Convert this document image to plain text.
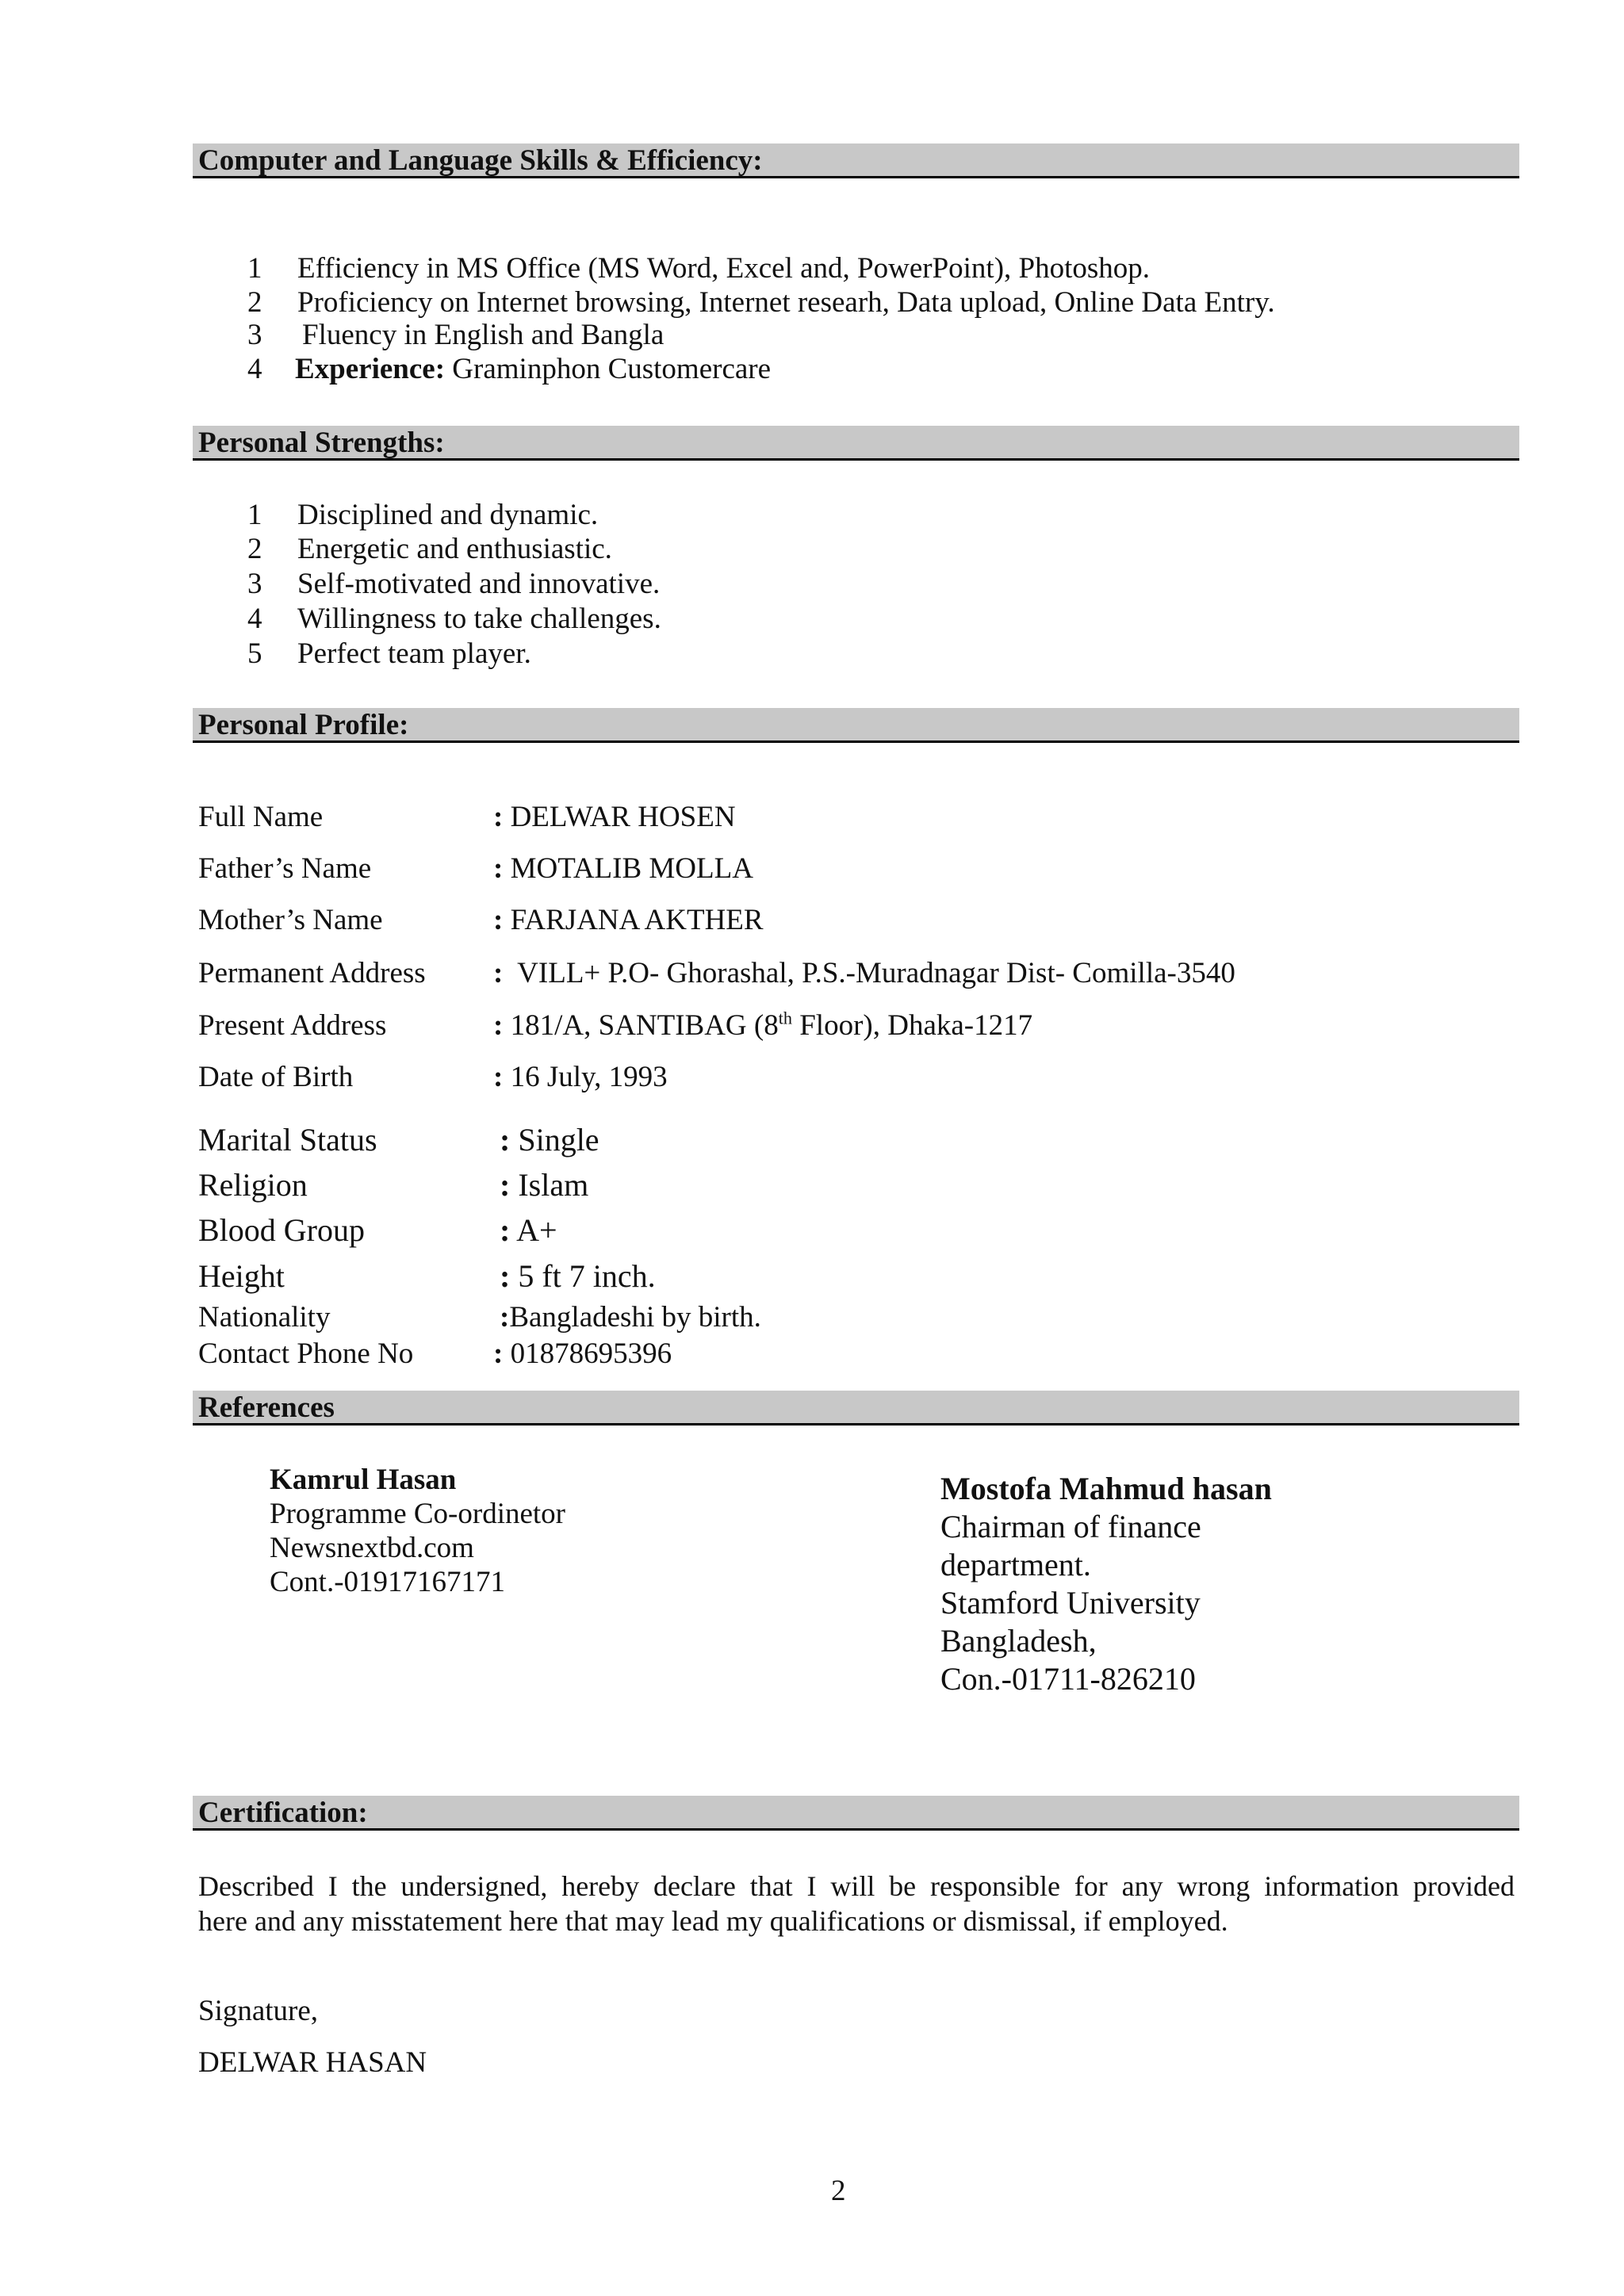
Computer and Language Skills & Efficiency:
1 Efficiency in MS Office (MS Word, Excel and, PowerPoint), Photoshop.
2 Proficiency on Internet browsing, Internet researh, Data upload, Online Data Entry.
3 Fluency in English and Bangla
4 Experience: Graminphon Customercare
Personal Strengths:
1 Disciplined and dynamic.
2 Energetic and enthusiastic.
3 Self-motivated and innovative.
4 Willingness to take challenges.
5 Perfect team player.
Personal Profile:
Full Name	: DELWAR HOSEN
Father’s Name	: MOTALIB MOLLA
Mother’s Name	: FARJANA AKTHER
Permanent Address : VILL+ P.O- Ghorashal, P.S.-Muradnagar Dist- Comilla-3540
Present Address	: 181/A, SANTIBAG (8th Floor), Dhaka-1217
Date of Birth	: 16 July, 1993
Marital Status	: Single
Religion	: Islam
Blood Group	: A+
Height	: 5 ft 7 inch.
Nationality	:Bangladeshi by birth.
Contact Phone No	: 01878695396
References
Kamrul Hasan
Programme Co-ordinetor
Newsnextbd.com
Cont.-01917167171
Mostofa Mahmud hasan
Chairman of finance
department.
Stamford University
Bangladesh,
Con.-01711-826210
Certification:
Described I the undersigned, hereby declare that I will be responsible for any wrong information provided
here and any misstatement here that may lead my qualifications or dismissal, if employed.
Signature,
DELWAR HASAN
2
